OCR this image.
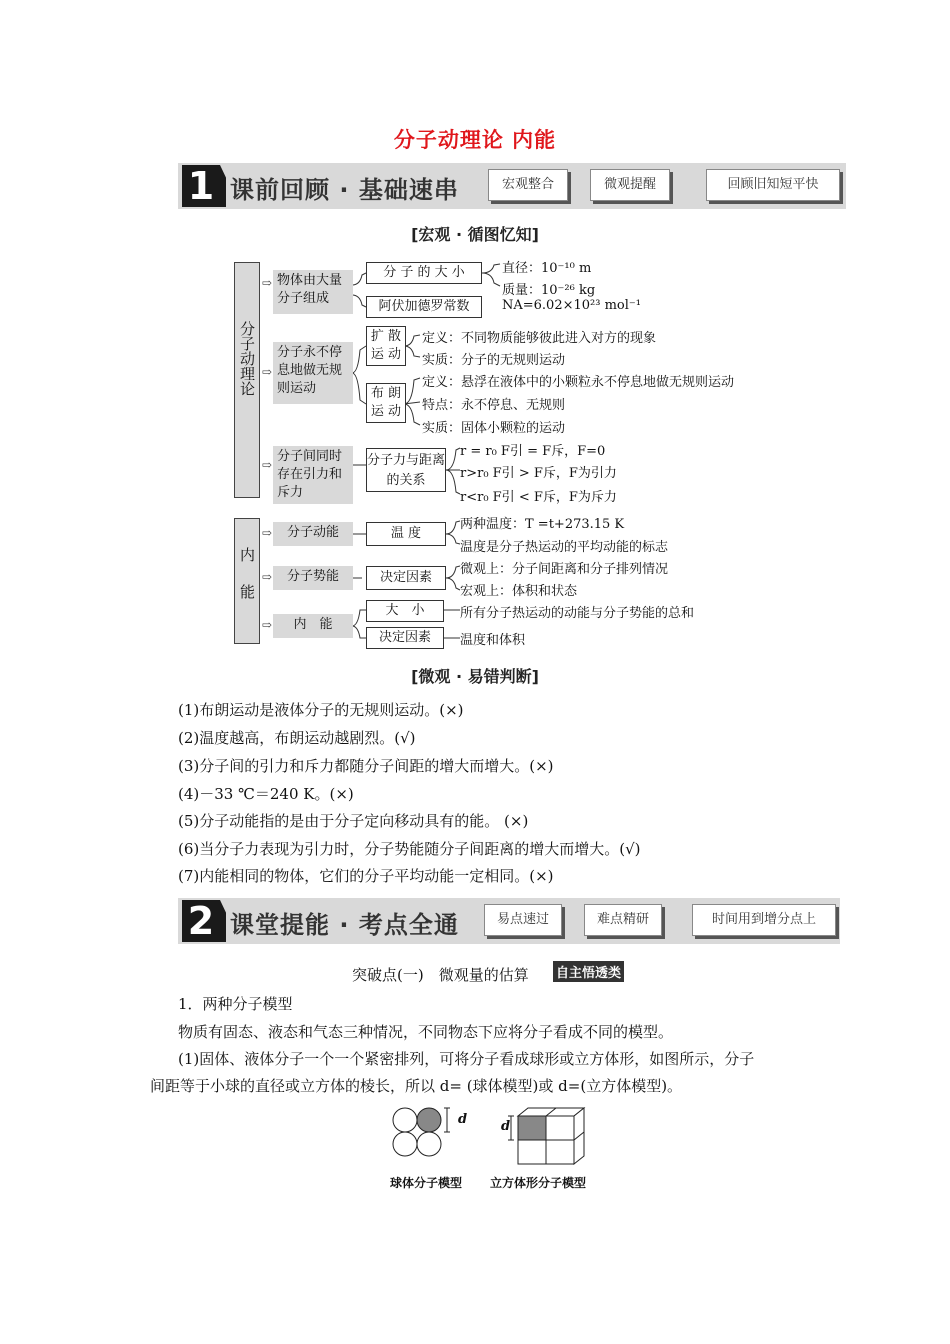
分子动理论 内能
1 课前回顾 · 基础速串	宏观整合	微观提醒	回顾旧知短平快
[宏观 · 循图忆知]
分子动理论
⇨
⇨
⇨
物体由大量分子组成
分子永不停息地做无规则运动
分子间同时存在引力和斥力
分 子 的 大 小	直径：10⁻¹⁰ m
质量：10⁻²⁶ kg
阿伏加德罗常数	NA=6.02×10²³ mol⁻¹
扩 散 运 动
定义：不同物质能够彼此进入对方的现象
实质：分子的无规则运动
布 朗 运 动
定义：悬浮在液体中的小颗粒永不停息地做无规则运动
特点：永不停息、无规则
实质：固体小颗粒的运动
分子力与距离的关系
r = r₀ F引 = F斥，F=0
r>r₀ F引 > F斥，F为引力
r<r₀ F引 < F斥，F为斥力
内能
⇨
⇨
⇨
分子动能
分子势能
内　能
温 度
两种温度：T =t+273.15 K
温度是分子热运动的平均动能的标志
决定因素
微观上：分子间距离和分子排列情况
宏观上：体积和状态
大　小	所有分子热运动的动能与分子势能的总和
决定因素	温度和体积
[微观 · 易错判断]
(1)布朗运动是液体分子的无规则运动。(×)
(2)温度越高，布朗运动越剧烈。(√)
(3)分子间的引力和斥力都随分子间距的增大而增大。(×)
(4)－33 ℃＝240 K。(×)
(5)分子动能指的是由于分子定向移动具有的能。 (×)
(6)当分子力表现为引力时，分子势能随分子间距离的增大而增大。(√)
(7)内能相同的物体，它们的分子平均动能一定相同。(×)
2 课堂提能 · 考点全通	易点速过	难点精研	时间用到增分点上
突破点(一)　微观量的估算 自主悟透类
1．两种分子模型
物质有固态、液态和气态三种情况，不同物态下应将分子看成不同的模型。
(1)固体、液体分子一个一个紧密排列，可将分子看成球形或立方体形，如图所示，分子
间距等于小球的直径或立方体的棱长，所以 d= (球体模型)或 d=(立方体模型)。
d	d
球体分子模型 立方体形分子模型
